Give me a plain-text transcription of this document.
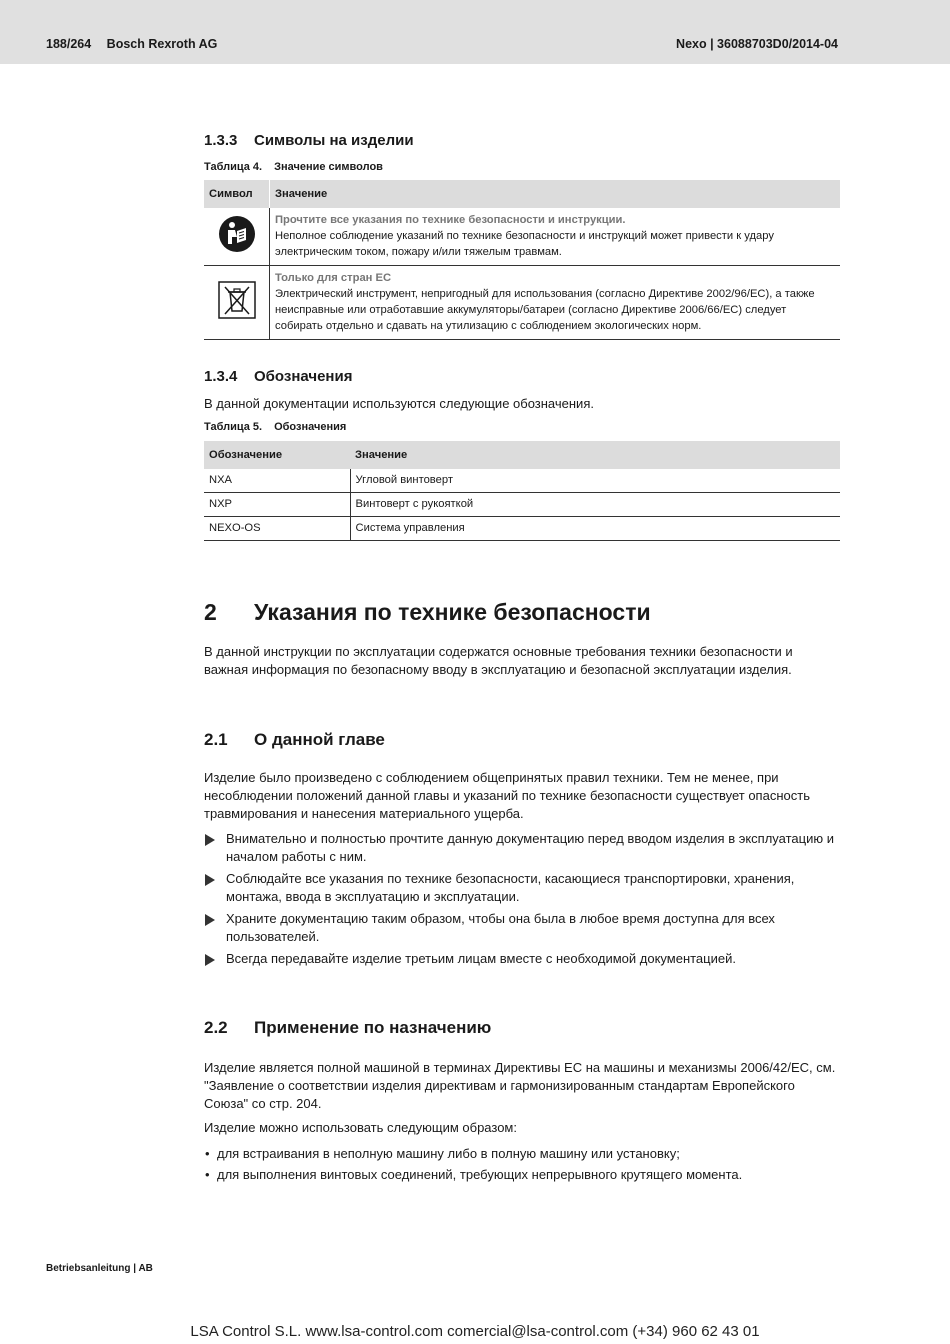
188/264 Bosch Rexroth AG	Nexo | 36088703D0/2014-04
1.3.3 Символы на изделии
Таблица 4. Значение символов
Символ	Значение

Прочтите все указания по технике безопасности и инструкции.
Неполное соблюдение указаний по технике безопасности и инструкций может привести к удару электрическим током, пожару и/или тяжелым травмам.

Только для стран ЕС
Электрический инструмент, непригодный для использования (согласно Директиве 2002/96/EC), а также неисправные или отработавшие аккумуляторы/батареи (согласно Директиве 2006/66/EC) следует собирать отдельно и сдавать на утилизацию с соблюдением экологических норм.
1.3.4 Обозначения
В данной документации используются следующие обозначения.
Таблица 5. Обозначения
Обозначение	Значение
NXA	Угловой винтоверт
NXP	Винтоверт с рукояткой
NEXO-OS	Система управления
2 Указания по технике безопасности
В данной инструкции по эксплуатации содержатся основные требования техники безопасности и важная информация по безопасному вводу в эксплуатацию и безопасной эксплуатации изделия.
2.1 О данной главе
Изделие было произведено с соблюдением общепринятых правил техники. Тем не менее, при несоблюдении положений данной главы и указаний по технике безопасности существует опасность травмирования и нанесения материального ущерба.
Внимательно и полностью прочтите данную документацию перед вводом изделия в эксплуатацию и началом работы с ним.
Соблюдайте все указания по технике безопасности, касающиеся транспортировки, хранения, монтажа, ввода в эксплуатацию и эксплуатации.
Храните документацию таким образом, чтобы она была в любое время доступна для всех пользователей.
Всегда передавайте изделие третьим лицам вместе с необходимой документацией.
2.2 Применение по назначению
Изделие является полной машиной в терминах Директивы ЕС на машины и механизмы 2006/42/ЕС, см. "Заявление о соответствии изделия директивам и гармонизированным стандартам Европейского Союза" со стр. 204.
Изделие можно использовать следующим образом:
• для встраивания в неполную машину либо в полную машину или установку;
• для выполнения винтовых соединений, требующих непрерывного крутящего момента.
Betriebsanleitung | AB
LSA Control S.L. www.lsa-control.com comercial@lsa-control.com (+34) 960 62 43 01
